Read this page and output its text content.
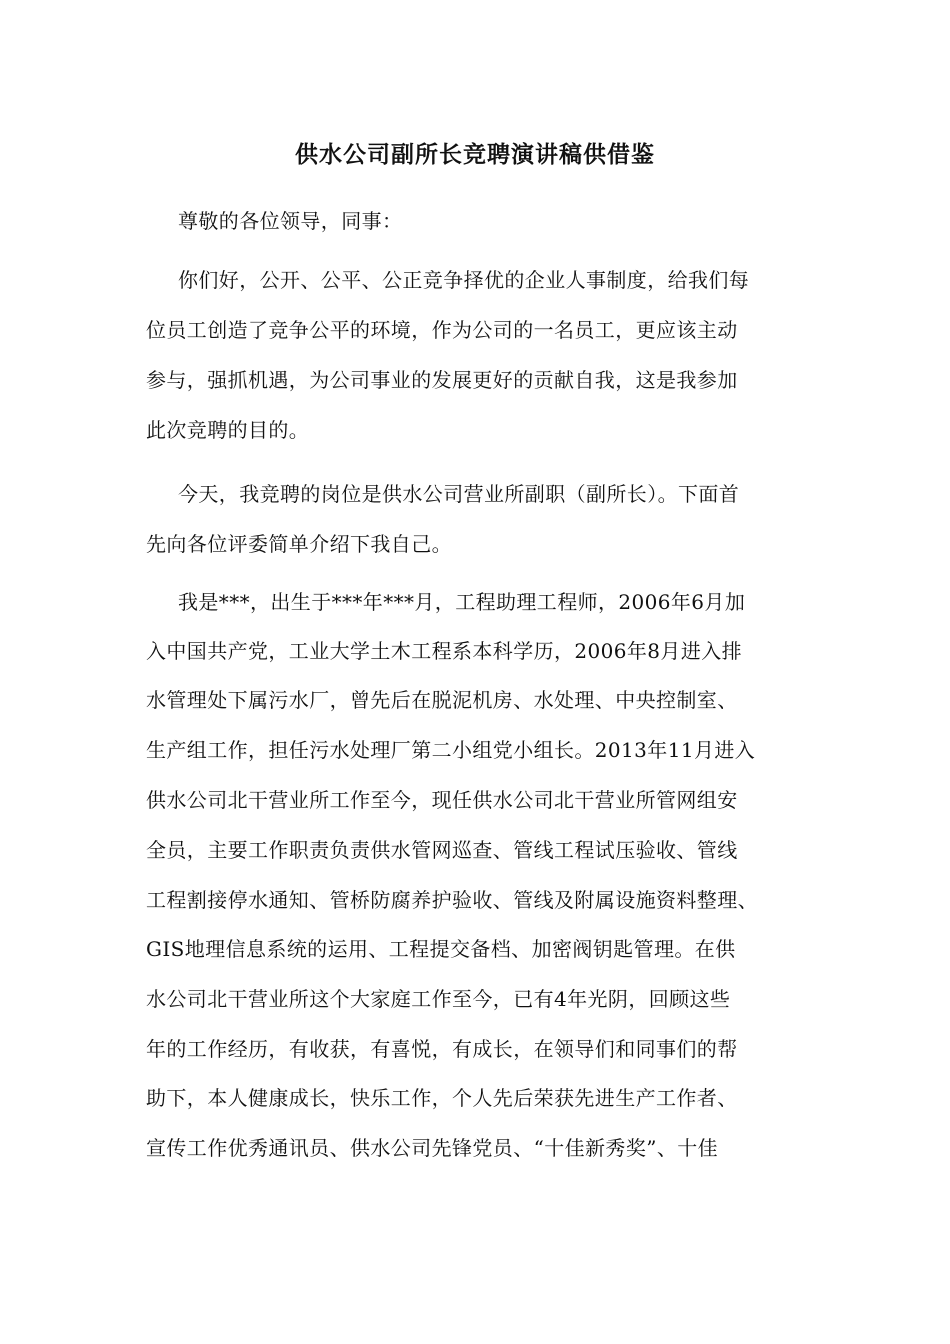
供水公司副所长竞聘演讲稿供借鉴
尊敬的各位领导，同事：
你们好，公开、公平、公正竞争择优的企业人事制度，给我们每
位员工创造了竞争公平的环境，作为公司的一名员工，更应该主动
参与，强抓机遇，为公司事业的发展更好的贡献自我，这是我参加
此次竞聘的目的。
今天，我竞聘的岗位是供水公司营业所副职（副所长）。下面首
先向各位评委简单介绍下我自己。
我是***，出生于***年***月，工程助理工程师，2006年6月加
入中国共产党，工业大学土木工程系本科学历，2006年8月进入排
水管理处下属污水厂，曾先后在脱泥机房、水处理、中央控制室、
生产组工作，担任污水处理厂第二小组党小组长。2013年11月进入
供水公司北干营业所工作至今，现任供水公司北干营业所管网组安
全员，主要工作职责负责供水管网巡查、管线工程试压验收、管线
工程割接停水通知、管桥防腐养护验收、管线及附属设施资料整理、
GIS地理信息系统的运用、工程提交备档、加密阀钥匙管理。在供
水公司北干营业所这个大家庭工作至今，已有4年光阴，回顾这些
年的工作经历，有收获，有喜悦，有成长，在领导们和同事们的帮
助下，本人健康成长，快乐工作，个人先后荣获先进生产工作者、
宣传工作优秀通讯员、供水公司先锋党员、“十佳新秀奖”、十佳
